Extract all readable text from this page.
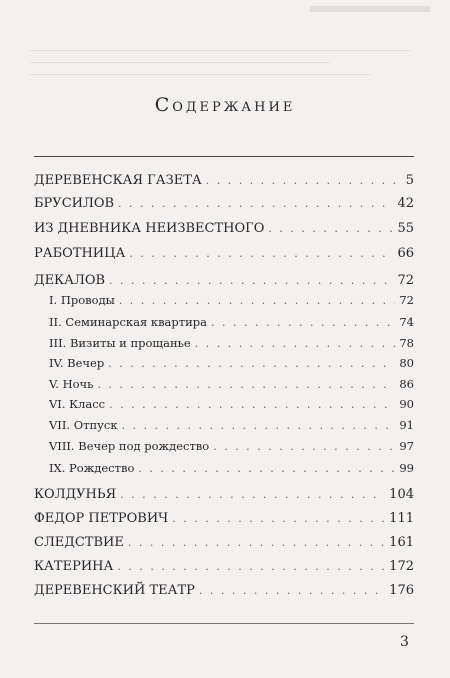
Содержание
ДЕРЕВЕНСКАЯ ГАЗЕТА . . .	5
БРУСИЛОВ . . .	42
ИЗ ДНЕВНИКА НЕИЗВЕСТНОГО . . .	55
РАБОТНИЦА . . .	66
ДЕКАЛОВ . . .	72
I. Проводы . . .	72
II. Семинарская квартира . . .	74
III. Визиты и прощанье . . .	78
IV. Вечер . . .	80
V. Ночь . . .	86
VI. Класс . . .	90
VII. Отпуск . . .	91
VIII. Вечер под рождество . . .	97
IX. Рождество . . .	99
КОЛДУНЬЯ . . .	104
ФЕДОР ПЕТРОВИЧ . . .	111
СЛЕДСТВИЕ . . .	161
КАТЕРИНА . . .	172
ДЕРЕВЕНСКИЙ ТЕАТР . . .	176
3
